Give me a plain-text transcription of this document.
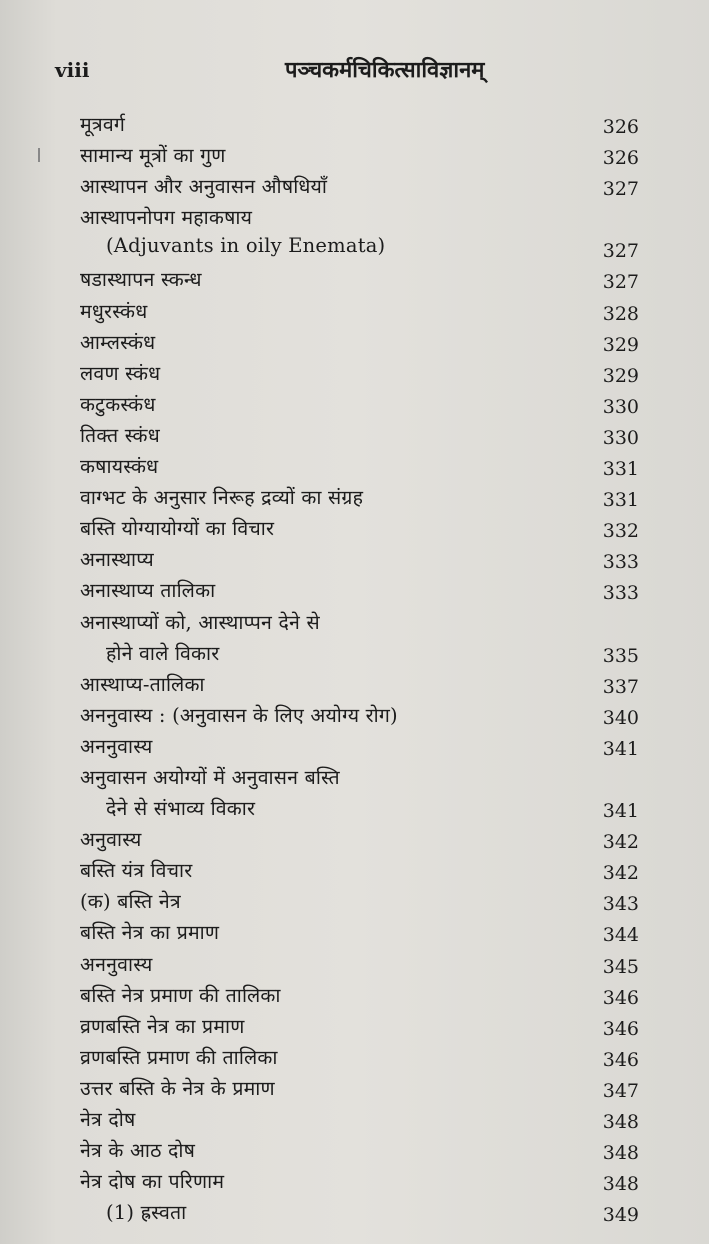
viii	पञ्चकर्मचिकित्साविज्ञानम्
मूत्रवर्ग	326
सामान्य मूत्रों का गुण	326
आस्थापन और अनुवासन औषधियाँ	327
आस्थापनोपग महाकषाय
(Adjuvants in oily Enemata)	327
षडास्थापन स्कन्ध	327
मधुरस्कंध	328
आम्लस्कंध	329
लवण स्कंध	329
कटुकस्कंध	330
तिक्त स्कंध	330
कषायस्कंध	331
वाग्भट के अनुसार निरूह द्रव्यों का संग्रह	331
बस्ति योग्यायोग्यों का विचार	332
अनास्थाप्य	333
अनास्थाप्य तालिका	333
अनास्थाप्यों को, आस्थाप्पन देने से
होने वाले विकार	335
आस्थाप्य-तालिका	337
अननुवास्य : (अनुवासन के लिए अयोग्य रोग)	340
अननुवास्य	341
अनुवासन अयोग्यों में अनुवासन बस्ति
देने से संभाव्य विकार	341
अनुवास्य	342
बस्ति यंत्र विचार	342
(क) बस्ति नेत्र	343
बस्ति नेत्र का प्रमाण	344
अननुवास्य	345
बस्ति नेत्र प्रमाण की तालिका	346
व्रणबस्ति नेत्र का प्रमाण	346
व्रणबस्ति प्रमाण की तालिका	346
उत्तर बस्ति के नेत्र के प्रमाण	347
नेत्र दोष	348
नेत्र के आठ दोष	348
नेत्र दोष का परिणाम	348
(1) ह्रस्वता	349
